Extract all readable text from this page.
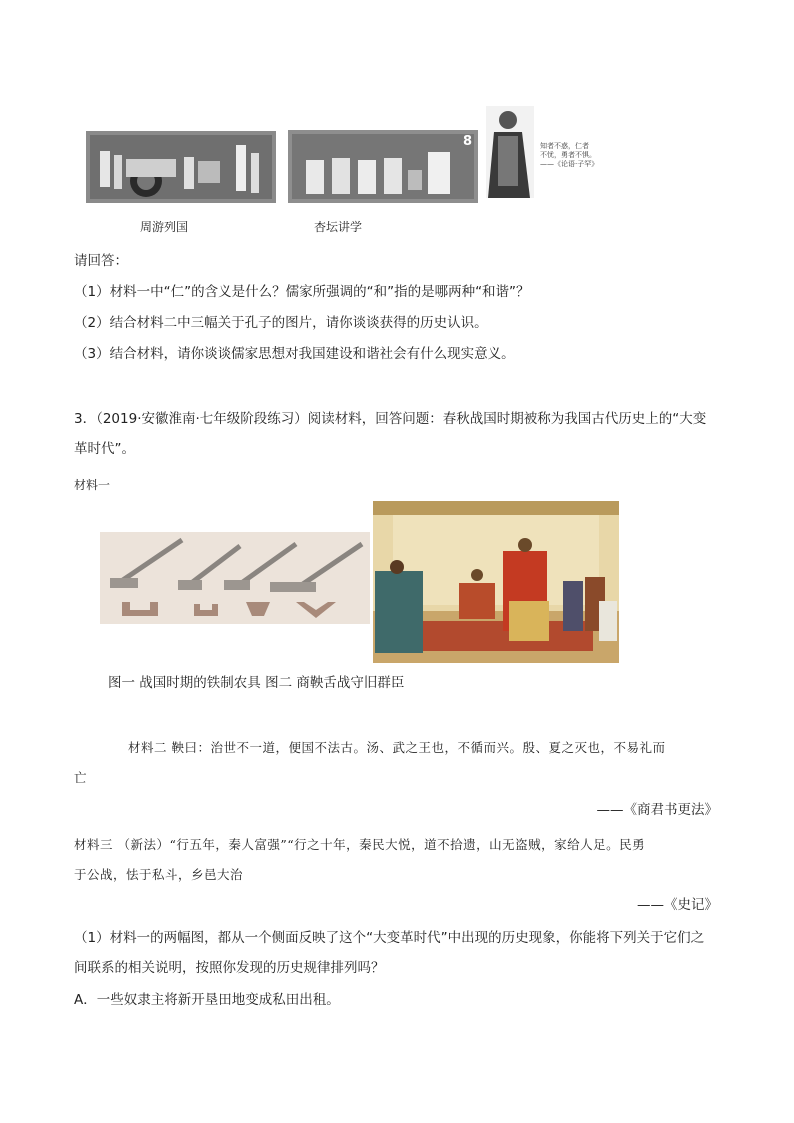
8	知者不惑，仁者
不忧，勇者不惧。
——《论语·子罕》
周游列国	杏坛讲学
请回答：
（1）材料一中“仁”的含义是什么？儒家所强调的“和”指的是哪两种“和谐”？
（2）结合材料二中三幅关于孔子的图片，请你谈谈获得的历史认识。
（3）结合材料，请你谈谈儒家思想对我国建设和谐社会有什么现实意义。
3．（2019·安徽淮南·七年级阶段练习）阅读材料，回答问题：春秋战国时期被称为我国古代历史上的“大变
革时代”。
材料一
图一 战国时期的铁制农具 图二 商鞅舌战守旧群臣
材料二 鞅曰：治世不一道，便国不法古。汤、武之王也，不循而兴。殷、夏之灭也，不易礼而
亡
——《商君书更法》
材料三 （新法）“行五年，秦人富强”“行之十年，秦民大悦，道不拾遗，山无盗贼，家给人足。民勇
于公战，怯于私斗，乡邑大治
——《史记》
（1）材料一的两幅图，都从一个侧面反映了这个“大变革时代”中出现的历史现象，你能将下列关于它们之
间联系的相关说明，按照你发现的历史规律排列吗？
A．一些奴隶主将新开垦田地变成私田出租。
